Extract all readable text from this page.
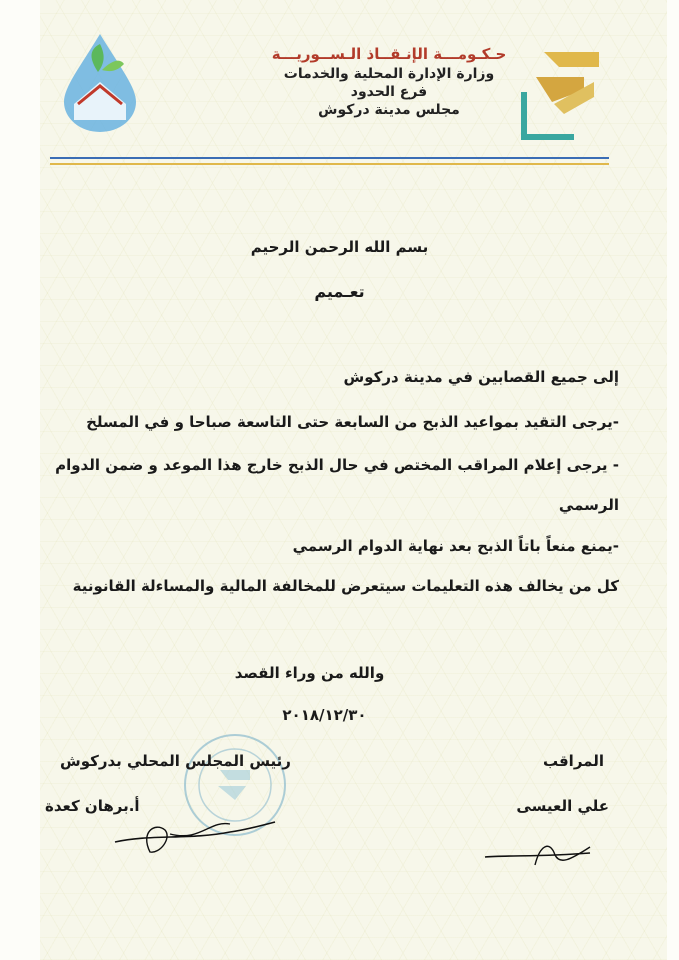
حـكـومـــة الإنـقــاذ الـســوريـــة
وزارة الإدارة المحلية والخدمات
فرع الحدود
مجلس مدينة دركوش
بسم الله الرحمن الرحيم
تعـميم
إلى جميع القصابين في مدينة دركوش
-يرجى التقيد بمواعيد الذبح من السابعة حتى التاسعة صباحا و في المسلخ
- يرجى إعلام المراقب المختص في حال الذبح خارج هذا الموعد و ضمن الدوام
الرسمي
-يمنع منعاً باتاً الذبح بعد نهاية الدوام الرسمي
كل من يخالف هذه التعليمات سيتعرض للمخالفة المالية والمساءلة القانونية
والله من وراء القصد
٢٠١٨/١٢/٣٠
المراقب
علي العيسى
رئيس المجلس المحلي بدركوش
أ.برهان كعدة
